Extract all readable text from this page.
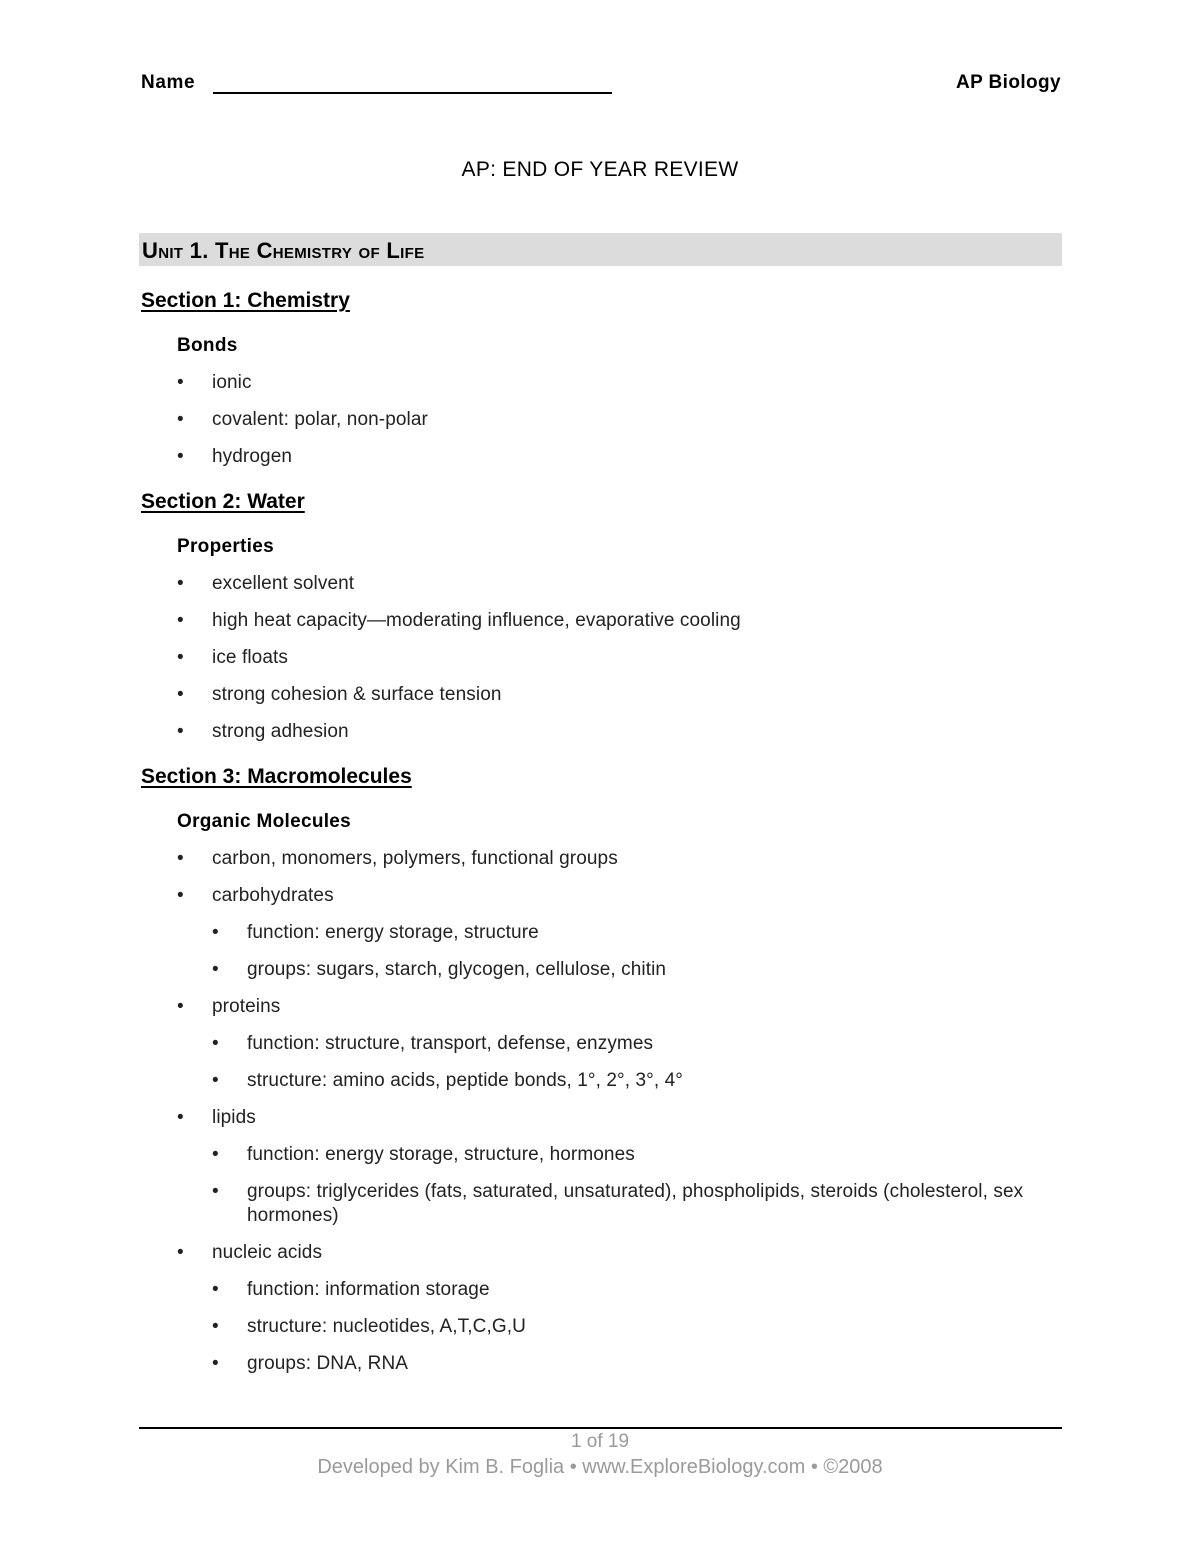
Name	AP Biology
AP: END OF YEAR REVIEW
Unit 1. The Chemistry of Life
Section 1: Chemistry
Bonds
• ionic
• covalent: polar, non-polar
• hydrogen
Section 2: Water
Properties
• excellent solvent
• high heat capacity—moderating influence, evaporative cooling
• ice floats
• strong cohesion & surface tension
• strong adhesion
Section 3: Macromolecules
Organic Molecules
• carbon, monomers, polymers, functional groups
• carbohydrates
• function: energy storage, structure
• groups: sugars, starch, glycogen, cellulose, chitin
• proteins
• function: structure, transport, defense, enzymes
• structure: amino acids, peptide bonds, 1°, 2°, 3°, 4°
• lipids
• function: energy storage, structure, hormones
• groups: triglycerides (fats, saturated, unsaturated), phospholipids, steroids (cholesterol, sex hormones)
• nucleic acids
• function: information storage
• structure: nucleotides, A,T,C,G,U
• groups: DNA, RNA
1 of 19
Developed by Kim B. Foglia • www.ExploreBiology.com • ©2008
